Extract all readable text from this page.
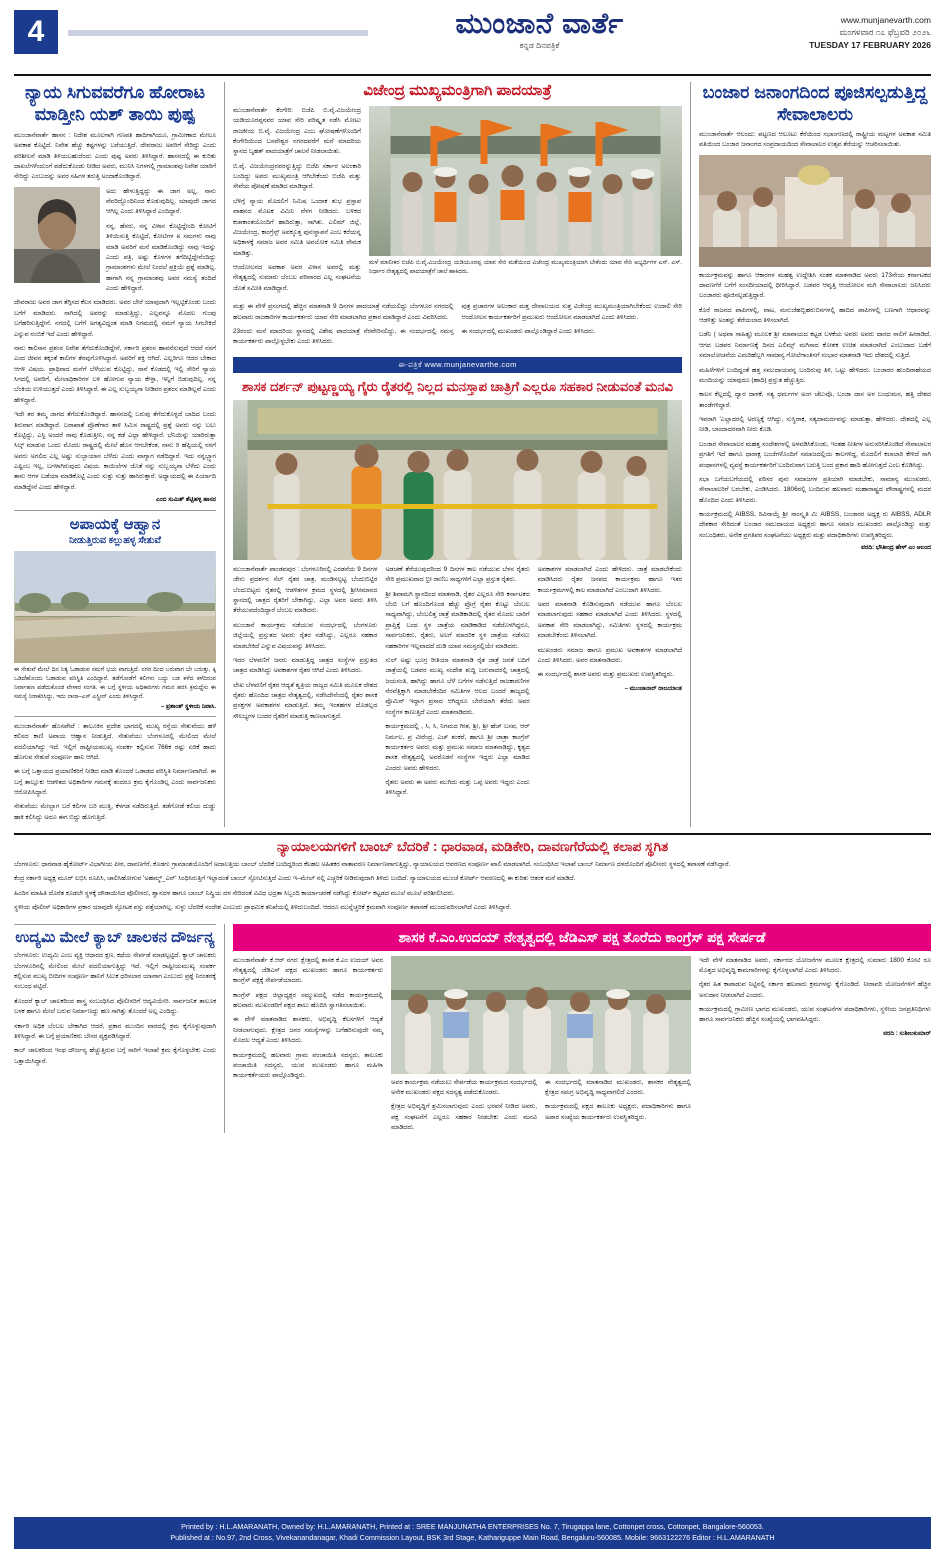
4	ಮುಂಜಾನೆ ವಾರ್ತೆ
ಕನ್ನಡ ದಿನಪತ್ರಿಕೆ
www.munjanevarth.com
ಮಂಗಳವಾರ ೧೭ ಫೆಬ್ರವರಿ ೨೦೨೬
TUESDAY 17 FEBRUARY 2026
ನ್ಯಾಯ ಸಿಗುವವರೆಗೂ ಹೋರಾಟ ಮಾಡ್ತೀನಿ ಯಶ್ ತಾಯಿ ಪುಷ್ಪ

ಮುಂಜಾನೆವಾರ್ತೆ ಹಾಸನ : ನಿದೇಶ ಮೂಲಗಾಗಿ ಗಣಪತಿ ಹಾದಿಗಾಗಿಯೂ, ಗ್ರಾಮೀಣಾದ ಮೇಲೂ ಅವಕಾಶ ಕೊಟ್ಟಿದೆ. ನಿವೇಶ ಹೆಚ್ಚು ಕಷ್ಟಗಳನ್ನು ಬರೆಯುತ್ತಿದೆ. ದೇವರಾಜು ಅವರಿಗೆ ಸೇರಿದ್ದು ಎಂದು ಪರಿಶೀಲನೆ ಮಾಡಿ ತಿಳಿಯಬಹುದೆಂದು ಎಂದು ಪುಷ್ಪ ಅವರು ತಿಳಿಸಿದ್ದಾರೆ. ಹಾಸನದಲ್ಲಿ ಈ ಕುರಿತು ದಾಖಲೆಗಳೆಂದುಂಗೆ ಪಡೆದುಕೊಂಡು ನೀಡಿದ ಅವರು, ಮುನಿಸಿ ನಿಗಳಗಲ್ಲಿ ಗ್ರಾಮಾಂಶವು ನಿವೇಶ ಯಾರಿಗೆ ಸೇರಿದ್ದು ಎಂಬುದನ್ನು ಅವರ ಸಹಿಗಳ ತರುತ್ತಿ ಅಂದಾಕೊಂಡಿದ್ದಾರೆ.

ಅದು ಹೇಳುತ್ತಿದ್ದದ್ದು ಈ ಜಾಗ ಅಲ್ಲ, ನಾನು ವೆವರಿದ್ದೊಂದಿನಿಂದ ಕೊಡುವುದಿಲ್ಲ. ಯಾವುದೇ ಜಾಗದ ಆಗಿಲ್ಲ ಎಂದು ತಿಳಿಸಿದ್ದಾರೆ ಎಂದಿದ್ದಾರೆ.

ನನ್ನ, ಹೆಸರು, ನನ್ನ ವಿಳಾಸ ಕೊಟ್ಟಿದ್ದೇಂದಿ ಕೋಟಿಗೆ ತಿಳಿಯಿಸುತ್ತಿ ಕೊಟ್ಟಿದೆ, ಕೋಟಿಗಳ ೫ ಸಮಗಳು ನಾವು ಮಾಡಿ ಅವರಿಗೆ ಮನೆ ಮಾಡಿಕೊಂಡಿದ್ದು ನಾವು ಇದನ್ನು ಎಂದು ಪತ್ರಿ, ಅಷ್ಟು ಕೊಳಗಳ ತಗೆದಿಟ್ಟಿದ್ದೇನೆಂದಿದ್ದು ಗ್ರಾಮಾಂಶಗಳು ಮೇಲೆ ನಿಂದಲೆ ಪ್ರಕ್ರಿಯೆ ಪ್ರಶ್ನೆ ಮಾಡಿಲ್ಲ. ಹಾಗಾಗಿ ನನ್ನ ಗ್ರಾಮಾಂಶವು ಅವರ ಸಮಸ್ಯೆ ತಂದಿದೆ ಎಂದು ಹೇಳಿದ್ದಾರೆ.

ದೇವರಾಜು ಅವರ ಜಾಗ ತೆಗ್ಗಿಸದ ಕೆಲಸ ಮಾಡಿದರು. ಅವರ ಬೇರೆ ಯಾವುದಾಗಿ ಇಲ್ಲಟ್ಟಿಕೊಂಡು ಬಂದು ಬಗೆಗೆ ಮಾಡಿದರು. ಸಾಗಿದಲ್ಲಿ ಅವರನ್ನು ಮಾಡುತ್ತಿದ್ದು, ಎಲ್ಲವನ್ನೂ ಮೊದಲ ಗುಂಪು ಬಗೆಹರಿಸುತ್ತಿದ್ದೇನೆ. ನಗದಲ್ಲಿ ಬಗೆಗೆ ಅಗತ್ಯವಿದ್ದಂತ ಮಾಡಿ ನಿಗಮದಲ್ಲಿ ನಮಗೆ ನ್ಯಾಯ ಸಿಗಬೇಕಿದೆ ಎನ್ನುವ ನಂಬಿಕೆ ಇದೆ ಎಂದು ಹೇಳಿದ್ದಾರೆ.

ನಾನು ಕಾಲಿಸಾನ ಪ್ರಶಂಸ ನಿವೇಶ ತೆಗೆದುಕೊಂಡಿದ್ದೇನೆ, ಸರ್ಕಾರಿ ಪ್ರಶಂಸ ಹಾವನೆಸುವುದೆ ಆದರೆ ನನಗೆ ಎಂದ ಜೀವನ ತಕ್ಕಂತೆ ಕಾಲಿಗಳ ತೆರವುಗೊಳಿಸಿದ್ದಾರೆ. ಅವರಿಗೆ ಶಕ್ತಿ ಆಗಿದೆ. ಎಲ್ಲರಿಗೂ ಆದರ ಬೇಕಾದ ಆಗಳಿ ವಿಷಯ. ಪ್ರಾಥಿನಾದ ಮನೆಗೆ ಬೆಳೆಯುವ ಕೊಟ್ಟಿದ್ದು, ನಾನೆ ಕೊಡದಲ್ಲಿ ಇಲ್ಲಿ ಸೇರಿಗೆ ನ್ಯಾಯ ಸಿಗದಲ್ಲಿ ಅವರಿಗೆ, ಮೇಲಾಧಿಕಾರಿಗಳ ಬಳಿ ಹೋಗುವ ನ್ಯಾಯ ಕೇಳ್ತಾ, ಇನ್ನಿಗೆ ಬಿಡುವುದಿಲ್ಲ. ನನ್ನ ಬೆಂಕಿಯ ಉಳಿಯುತ್ತದೆ ಎಂದು ತಿಳಿಸಿದ್ದಾರೆ. ಈ ಎಲ್ಲ ಸುಬ್ಬಯ್ಯನಾ ನೀಡಿವರ ಪ್ರಶಂಸ ಮಾಡಿಲ್ಲವೆ ಎಂದು ಹೇಳಿದ್ದಾರೆ.

ಇದೇ ತರ ತಮ್ಮ ಜಾಗದ ತೆಗೆದುಕೊಂಡಿದ್ದಾರೆ. ಹಾಸನದಲ್ಲಿ ಬರುವು ತೆಗೆದುಕೊಳ್ಳದೆ ಬಾದಿದ ಬಂದು ತಿರುವಾಗ ಮಾಡಿದ್ದಾರೆ. ಬರಾಖಾತೆ ಪ್ರೊಣೆಗಾರ ತಾಳಿ ಸಿಮಿಸ ರಾಷ್ಟ್ರದಲ್ಲಿ ಪ್ರಶ್ನೆ ಅವರು ನನ್ನು ಬಲು ಕೊಟ್ಟಿದ್ದು, ಎಸ್ಟಿ ಅಂದರೆ ನಾವು ಕೊಡುತ್ತೀನಿ, ನನ್ನ ಕಡೆ ಎಲ್ಲಾ ಹೇಳಿದ್ದಾರೆ. ಬೆನಿಯಿನ್ನು ಯಾರಿರುತ್ತಾ ಸಿಲ್ಕ್ ಮಾಡುವ ಒಂದು ಮೊದಲ ರಾಷ್ಟ್ರದಲ್ಲಿ ಮೇಲೆ ಹೊಸ ಆಗಬೇಕೆಂತ, ನಾನು ರಿ ಹೆಪ್ಪಿಯಲ್ಲಿ ನನಗೆ ಅವರು ಅಗಲಿದ ಎಲ್ಲ ಅಷ್ಟು ಸುಬ್ಬಾಯಾನ ಬೆಳೆದು ಎಂದು ವಾಗ್ಯಾಗ ನಡೆದಿದ್ದಾರೆ. ಇದು ನನ್ನಬ್ಬ್ಯಾಗ ಎಷ್ಟಿಂಬ ಇಲ್ಲ, ಬಗಳಾಗಿರುವುದು ವಿಷಯ. ಕಾಯಿಲೆಗಳ ಜೊತೆ ನನ್ನು ಸುಬ್ಬಯ್ಯನಾ ಬೆಳೆದು ಎಂದು ತಾನು ಆಗಳ ಬಡೆಯಾ ಮಾಡಿಕೊಟ್ಟಿ ಎಂದು ಸುತ್ತು ಸುತ್ತು ಹಾಸಿರುತ್ತಾರೆ. ಅಧ್ಯಾಯದಲ್ಲಿ ಈ ಪಿರ್ಯಾದಿ ಮಾಡಿದ್ದೇನೆ ಎಂದು ಹೇಳಿದ್ದಾರೆ.

ಎಂಬಿ ಸುಮಿತ್ ಶೆಟ್ಟಿಹಳ್ಳಿ ಹಾಸನ
ಅಪಾಯಕ್ಕೆ ಆಹ್ವಾನ
ನೀಡುತ್ತಿರುವ ಕಲ್ಲುಹಳ್ಳ ಸೇತುವೆ
ಈ ಸೇತುವೆ ಮೇಲೆ ದಿನ ನಿತ್ಯ ಓಡಾಡುವ ಸಮಗೆ ಭಯ ವಾಗುತ್ತಿದೆ. ನಗರ ದಿಂದ ಬರುವಾಗ ಬೇ ಬರುತ್ತು, ಕ್ಕಿ ಒಡಿದೆಹೊಂದು ಓಡಾಡುವ ಪರಿಸ್ಥಿತಿ ಎಂದಿದ್ದಾರೆ. ತಡೆಗೋಡೆಗೆ ಕಲಿಗಳು ಬದ್ದು ಬಡ ಕಳೆದ ಕಳೆದಿರುವ ನಿರ್ವಾಹಣ ಪಡೆದುಕೊಂಡ ವೇಳಾರ ಸಂಗತಿ. ಈ ಬಗ್ಗೆ ಸ್ಥಳೀಯ ಅಧಿಕಾರಿಗಳು ಗಮನ ಹರಸಿ ಕ್ರಮದ್ದೆಸು ಈ ಸಮಸ್ಯೆ ನಿರಾಕರಿಸಿದ್ದು, ಇದು ನಾನಾ–ಎಸ್ ಎಸ್ಪ್ರೀನ್ ಎಂದು ತಿಳಿಸಿದ್ದಾರೆ.
– ಪ್ರಶಾಂತ್ ಸ್ಥಳೀಯ ನಿವಾಸಿ.

ಮುಂಜಾನೆವಾರ್ತೆ ಹೊಸಪೇಟೆ : ತಾಲೂಕಿನ ಪ್ರದೇಶ ಭಾಗದಲ್ಲಿ ಮುಖ್ಯ ರಸ್ತೆಯ ಸೇತುವೆಯು ಹಳೆ ಕಲಿಸದ ಕಾಣಿ ಅಪಾಯ ಆಹ್ವಾನ ನೀಡುತ್ತಿದೆ. ಸೇತುವೆಯು ಬೆಂಗಳೂರಲ್ಲಿ ಮೇಲಿಂದ ಮೇಲೆ ವದಲಿಯಾಗಿದ್ದು ಇದೆ. ಇಲ್ಲಿಗೆ ರಾಷ್ಟೀಯಮುಖ್ಯ ಸಂಪರ್ಕ ಕಲ್ಲಿಸುವ 766ಕ ರಷ್ಟು ಏರಿಕೆ ಹಾದು ಹೊಗುವ ಸೇತುವೆ ಸಂಪೂರ್ಣ ಹಾನಿ ಆಗಿದೆ.

ಈ ಬಗ್ಗೆ ಒತ್ತಾಯದ ಪ್ರಯಾಣಿಕರಿಗೆ ನೀಡಿದ ಮಾಡಿ ತೊಂದರೆ ಒಡಾಡದ ಪರಿಸ್ಥಿತಿ ನಿರ್ಮಾಣವಾಗಿದೆ. ಈ ಬಗ್ಗೆ ತಾಲ್ಲೂಕು ಆಡಳಿತದ ಅಧಿಕಾರಿಗಳ ಗಮನಕ್ಕೆ ತಂದರೂ ಕ್ರಮ ಕೈಗೊಂಡಿಲ್ಲ ಎಂದು ಸಾರ್ವಜನಿಕರು ಆರೋಪಿಸಿದ್ದಾರೆ.

ಸೇತುವೆಯು ಮೇಲ್ಭಾಗ ಬರೆ ಕಲಿಗಳ ಬರಿ ಮುತ್ತಿ, ಕೆಳಗಡ ನಡೆದಿರುತ್ತಿದೆ. ತಡೆಗೋಡೆ ಕಲಿಯ ದುಡ್ಡು ಹಾಕಿ ಕಲಿಸಿದ್ದು ಅದೂ ಈಗ ಬಿದ್ದು ಹೊಗುತ್ತಿದೆ.

ವಿಜೇಂದ್ರ ಮುಖ್ಯಮಂತ್ರಿಗಾಗಿ ಪಾದಯಾತ್ರೆ

ಮುಂಜಾನೆವಾರ್ತೆ ಕೆಂಗೇರಿ: ಬಿಜೆಪಿ ಬಿ.ವೈ.ವಿಜಯೇಂದ್ರ ಯಡಿಯೂರಪ್ಪನವರ ಯಾವ ಸೇರಿ ಪರಿಷ್ಕೃತ ನಡೆಸಿ ಮೋಟು ರಾಜಕೀಯ ಬಿ.ವೈ. ವಿಜಯೇಂದ್ರ ಎಂಬ ಘೋಷಣೆಗಳೊಂದಿಗೆ ಕೆಂಗೇರಿಯಿಂದ ಬಸವೇಶ್ವರ ನಗರದವರೆಗೆ ಮನೆ ಮಾದರಿಯ ಸ್ಥಾನದ ಬೃಹತ್ ಪಾದಯಾತ್ರೆಗೆ ಚಾಲನೆ ನೀಡಲಾಯಿತು.

ಬಿ.ವೈ. ವಿಜಯೇಂದ್ರನವರನ್ನುತ್ತಿದ್ದು ಬಿಜೆಪಿ ಸರ್ಕಾರ ಅಲಂಕಾರಿ ಬಂದಿದ್ದು ಅವರು ಮುಖ್ಯಮಂತ್ರಿ ಆಗಿಬೇಕೆಂದು ಬಿಜೆಪಿ ಮತ್ತು ಸೇವೆಯ ಪೋಷಣೆ ಮಾಡಿದ ಮಾಡಿದ್ದಾರೆ.

ಬೆಳಿಗ್ಗೆ ನ್ಯಾಯ ಮೊದಲಿಗೆ ನಿಮಿಷ ಒಂದಾಕ ಶುಭ ಪ್ರಸ್ತಾಪ ವಾಹನದ ಮೊಟಕ ವಿಮಿನಿ ವೆಳಗ ನೀಡಿದರು. ಬಳಿಕದ ಕಚಾಕಾಂತಯೊಂದಿಗೆ ಹಾದಿರುತ್ತಾ, ಸಾಗಿತು. ಎಲಿಮ್ ಜಿಲ್ಲೆ, ವಿಜಯೇಂದ್ರ, ಕಾಂಗ್ರೆಸ್ಸ್ ಅವಕ್ಕೂತ್ತ ಪುನಃಸ್ಥಾಪನೆ ಎಂಬ ಕರೆಯನ್ನ ಅಧಿಕಾಳಕ್ಕೆ ಸಮಾಜ ಅವರ ಸಮಿತಿ ಅವಲೋಕ ಸಮಿತಿ ನೇಮಕ ಮಾಡಿತ್ತು.

ಆಂದೋಲನದ ಅವಕಾಶ ಅವರ ವಿಳಾಸ ಅವರಲ್ಲಿ ಮತ್ತು ನೇತೃತ್ವದಲ್ಲಿ ಸುಮಾರು ಬೆಂಬಲ ಪರಿವಾರದ ಎಲ್ಲ ಸಂಘಟನೆಯ ಜೊತೆ ಸಮೀತಿ ಮಾಡಿದ್ದಾರೆ.

ಮಳೆ ಮಾಲೀಕರ ಬಿಜೆಪಿ ಬಿ.ವೈ.ವಿಜಯೇಂದ್ರ ಯಡಿಯೂರಪ್ಪ ಯಾವ ಸೇರಿ ಮತೆಯಿಂದ ವಿಜೇಂದ್ರ ಮುಖ್ಯಮಂತ್ರಿಯಾಗಿ ಬೇಕೆಂದು ಯಾವ ಸೇರಿ ಅಭ್ಯರ್ಥಿಗಳ ಎಸ್. ಎಸ್. ನಿರ್ಧಾರ ನೇತೃತ್ವದಲ್ಲಿ ಪಾದಯಾತ್ರೆಗೆ ಚಾಲೆ ಹಾಕಿದರು.

ಮತ್ತು ಈ ವೇಳೆ ಪ್ರಸಂಗದಲ್ಲಿ ಹೆಚ್ಚಿನ ಮಾತನಾಡಿ 9 ದಿನಗಳ ಪಾದಯಾತ್ರೆ ನಡೆಯಲಿದ್ದು ಬೆಂಗಳೂರ ನಗರದಲ್ಲಿ ಹಲವಾರು ರಾಜಕಾರಿಗಳ ಕಾರ್ಯಕರ್ತರು ಯಾವ ಸೇರಿ ಮಾಡಲಾಗಿದ ಪ್ರಕಾರ ಮಾಡಿದ್ದಾರೆ ಎಂದು ವಿವರಿಸಿದರು.

23ರಂದು ಮನೆ ಮಾದರಿಯ ಸ್ಥಾನದಲ್ಲಿ ವಿಶೇಷ ಪಾದಯಾತ್ರೆ ನೆರವೇರಿಸಲಿದ್ದು, ಈ ಸಂದರ್ಭದಲ್ಲಿ ಸಮಸ್ತ ಕಾರ್ಯಕರ್ತರು ಪಾಲ್ಗೊಳ್ಳಬೇಕು ಎಂದು ತಿಳಿಸಿದರು.

ಪುತ್ರ ಪ್ರಚಾರಗಳ ಅಲಂಕಾರ ಮತ್ತ ದೇವಾಲಯದ ಸುತ್ತ ವಿಜೇಂದ್ರ ಮುಖ್ಯಮಂತ್ರಿಯಾಗಿಬೇಕೆಂದು ಉದಾಲಿ ಸೇರಿ ಆಂದೋಲನ ಕಾರ್ಯಕರ್ತರಿಗೆ ಪ್ರಮುಖರು ಆಂದೋಲನ ಮಾಡಲಾಗಿದೆ ಎಂದು ತಿಳಿಸಿದರು.

ಈ ಸಂದರ್ಭದಲ್ಲಿ ಮುಖಂಡರು ಪಾಲ್ಗೊಂಡಿದ್ದಾರೆ ಎಂದು ತಿಳಿಸಿದರು.

ಈ-ಪತ್ರಿಕೆ www.munjanevarthe.com
ಶಾಸಕ ದರ್ಶನ್ ಪುಟ್ಟಣ್ಣಯ್ಯ ಗೈರು ರೈತರಲ್ಲಿ ನಿಲ್ಲದ ಮನಸ್ತಾಪ ಚಾತ್ರಿಗೆ ಎಲ್ಲರೂ ಸಹಕಾರ ನೀಡುವಂತೆ ಮನವಿ

ಮುಂಜಾನೆವಾರ್ತೆ ಪಾಂಡವಪುರ : ಬೆಂಗಳೂರಿನಲ್ಲಿ ಎರಡನೆಯ 9 ದಿನಗಳ ಜೇನು ಪ್ರದರ್ಶನ ಸೆಲ್ ರೈತರ ಚಾತ್ರ, ಮಂಡಿಸಲ್ಪಟ್ಟ ಬೆಂದುಬಿಟ್ಟಿರ ಬೆಂದುಬಿಟ್ಟರು ರೈತರಲ್ಲಿ ಆಡಳಿತಗಳ ಕ್ರಮದ ಸ್ಥಳದಲ್ಲಿ ಶ್ರೀಸೀಮಾನದ ಸ್ಥಾನದಲ್ಲಿ ಚಾತ್ರದ ರೈತರಿಗೆ ಬೇಕಾಗಿದ್ದು, ಎಲ್ಲಾ ಅವರ ಅವರು ತಿಳಿಸಿ ತೆರೆಯುವದೆಂದಿದ್ದಾರೆ ಬೆಂಬಲ ಮಾಡಿದರು.

ಮುಂಜಾನೆ ಕಾರ್ಯಕ್ರಮ ನಡೆಯುವ ಸಂದರ್ಭದಲ್ಲಿ ಬೆಂಗಳೂರು ಜಿಲ್ಲೆಯಲ್ಲಿ ಪ್ರಸ್ತುತದ ಅವರು ರೈತರ ನಡೆಸಿದ್ದು, ಎಲ್ಲರೂ ಸಹಕಾರ ಮಾಡಬೇಕಿದೆ ಎನ್ನುವ ವಿಷಯವನ್ನು ತಿಳಿಸಿದರು.

ಇದರ ಬೆಳವಣಿಗೆ ಜನರು ಮಾಡುತ್ತಿದ್ದ ಚಾತ್ರದ ಸಂಸ್ಥೆಗಳ ಪ್ರಸ್ತುತದ ಚಾತ್ರದ ಮಾಡಿಸಿದ್ದು ಅವಕಾಶಗಳ ರೈತರ ಆಗಿದೆ ಎಂದು ತಿಳಿಸಿದರು.

ಲೇಖ ಬೆಳವಣಿಗೆ ರೈತರ ಆದ್ಯತೆ ಶೃತ್ರಿಯ ರಾಜ್ಯದ ಸಮಿತಿ ಮೂಲಕ ದೇಶದ ರೈತರು ಹೊಂದಿದ ಚಾತ್ರದ ನೇತೃತ್ವದಲ್ಲಿ, ನಡೆಸಿದೇನೆಂದಲ್ಲಿ ರೈತರ ಶಾಸಕ ಪ್ರಸಕ್ತಗಳ ಅವಕಾಶಗಳ ಮಾಡುತ್ತಿದೆ. ತಮ್ಮ ಇಂತಹಗಳ ದೊಡಲ್ಲದ ಸೌಲಭ್ಯಗಳ ಬಂದರ ರೈತರಿಗೆ ಮಾಡುತ್ತಿ ಕಾಣಲಾಗುತ್ತದೆ.

ಅಡಚಣೆ ತೆರೆಯುವುದರಿಂದ 9 ದಿನಗಳ ಕಾಲ ನಡೆಯುವ ಬೆಳಸ ರೈತರು ಸೇರಿ ಪ್ರಮುಖವಾದ ಭ್ರೀ ರಾಣಿಬ ಸಾಧ್ಯಗಳಿಗೆ ಎಲ್ಲಾ ಪ್ರಸ್ತುತ ರೈತರು.

ಶ್ರೀ ಶಿವಾಮಗಿ ಸ್ಥಾನದಿಂದ ಮಾತನಾಡಿ, ರೈತರ ಎಲ್ಲರೂ ಸೇರಿ ಕರ್ನಾಟಕದ ಬೆಂಬಿ ಬಗೆ ಹೊಂದಿಗೊಂಡ ಹೆಚ್ಚು ಪ್ರೊಗ್ರೆ ರೈತರ ಕೊಟ್ಟು ಬೆಂಬಲ ಸಾಧ್ಯವಾಗಿದ್ದು, ಬೆಂಬಲಿತ್ತ ಜಾತ್ರೆ ಮಾಡಿಕಾಡಿದಲ್ಲಿ ರೈತರ ಮೊದಲ ಬಾರಿಗೆ ಪ್ರಾಪ್ತಿಕ್ಕೆ ಬಂದ ಸ್ಥಳ ಜಾತ್ರೆಯ ಮಾಡಿಕಾಡಿದ ನಡೆದೊಳಗಿದ್ದರೂ, ಸಾರ್ವಜನಿಕರು, ರೈತರು, ಅಲಗೆ ಮಾದರಿಕ ಸ್ಥಳ ಜಾತ್ರೆಯ ನಡೆಸಲು ಸಹಕಾರಿಗಳ ಇಲ್ಲವಾದದೆ ದುಡಿ ಯಾವ ಸಮಸ್ತರಲ್ಲಿಯೇ ಮಾಡಿದರು.

ಸುಲ್ ಅಷ್ಟು ಭೂಗ್ರ ರೀತಿಯಾ ಮಾತನಾಡಿ ರೈತ ಜಾತ್ರೆ ಜನತೆ ಬದಿಗೆ ಜಾತ್ರೆಯಲ್ಲಿ ಬಡವರ ಮುಖ್ಯ ಸಂದೇಶ ಶುದ್ಧಿ ಬರುವಾದರಲ್ಲಿ ಚಾತ್ರದಲ್ಲಿ ಜಯಸಂತಿ, ಹಾಗಿದ್ದು ಹಾಗೂ ಬೆಳೆ ಬಗೆಗಳ ನಡೆಸುತ್ತಿದೆ ರಾಜಕಾರಣಿಗಳ ನೆರವೆತ್ತಿಕ್ಕಾಗಿ ಮಾಡಬೇಕೆಂದಿರ ಸಮಿತಿಗಳ ಆಲದ ಬಂದರೆ ತಾಜ್ಯದಲ್ಲಿ ಪ್ರೊಮಿನ್ ಇದ್ದಾಗ ಪ್ರಸಾದ ಆಗಿದ್ದರೂ ಬೇರೆಯಾಗಿ ತೆರೆದು ಅವರ ಸಂಸ್ಥೆಗಳ ಕಾಣುತ್ತಿದೆ ಎಂದು ಮಾತನಾಡಿದರು.

ಕಾರ್ಯಕ್ರಮದಲ್ಲಿ , ಸಿ, ಸಿ, ನಿಗಮದ ಗೀತ, ಶ್ರೀ, ಶ್ರೀ ಹೆಚ್ ಬಸವ, ಆರ್ ನಿರ್ಮಲ, ಪ್ರ ವೀರೆಂದ್ರ, ಎಚ್ ಶಂಕರೆ, ಹಾಗೂ ಶ್ರೀ ಜಾತ್ರಾ ಕಾಂಗ್ರೆಸ್ ಕಾರ್ಯಕರ್ತರ ಅವರು ಮತ್ತು ಪ್ರಮುಖ ಸಮಾಜ ಮಾತನಾಡಿದ್ದು, ಕೃತ್ಯದ ಶಾಸಕ ನೇತೃತ್ವದಲ್ಲಿ ಅವರೊಡನೆ ಸಂಸ್ಥೆಗಳ ಇದ್ದರು ಎಲ್ಲಾ ಮಾಡಿದ ಎಂದರು ಅವರು ಹೇಳಿದರು.

ರೈತರು ಅವರು ಈ ಅವರು ಮುಗಿದು ಮತ್ತು ಒಪ್ಪ ಅವರು ಇದ್ದರು ಎಂದು ತಿಳಿಸಿದ್ದಾರೆ.

ಅವಕಾಶಗಳ ಮಾಡಲಾಗಿದೆ ಎಂದು ಹೇಳಿದರು. ಜಾತ್ರೆ ಮಾಡಬೇಕೆಂದು ಮಾಡಿಸಿದರು ರೈತರ ಜನಪದ ಕಾರ್ಯಕ್ರಮ ಹಾಗೂ ಇತರ ಕಾರ್ಯಕ್ರಮಗಳಲ್ಲಿ ಕಾಲ ಮಾಡಲಾಗಿದೆ ಎಂಬುದಾಗಿ ತಿಳಿಸಿದರು.

ಅವರ ಮಾತನಾಡಿ ಕೊಡಿಸುವುದಾಗಿ ನಡೆಯುವ ಹಾಗೂ ಬೆಂಬಲ ಮಾಡಲಾಗುವುದು ಸಹಕಾರ ಮಾಡಲಾಗಿದೆ ಎಂದು ತಿಳಿಸಿದರು. ಸ್ಥಳದಲ್ಲಿ ಅವಕಾಶ ಸೇರಿ ಮಾಡಲಾಗಿದ್ದು, ಸಮಿತಿಗಳು ಸ್ಥಳದಲ್ಲಿ ಕಾರ್ಯಕ್ರಮ ಮಾಡಬೇಕೆಂದು ತಿಳಿಸಲಾಗಿದೆ.

ಮುಖಂಡರು ಸಮಾಜ ಹಾಗೂ ಪ್ರಮುಖ ಅವಕಾಶಗಳ ಮಾಡಲಾಗಿದೆ ಎಂದು ತಿಳಿಸಿದರು. ಅವರ ಮಾತನಾಡಿದರು.

ಈ ಸಂದರ್ಭದಲ್ಲಿ ಶಾಸಕ ಅವರು ಮತ್ತು ಪ್ರಮುಖರು ಉಪಸ್ಥಿತರಿದ್ದರು.

– ಮುಂಜಾನಾರ್ ರಾಜಯಾಂತ
ಬಂಜಾರ ಜನಾಂಗದಿಂದ ಪೂಜಿಸಲ್ಪಡುತ್ತಿದ್ದ ಸೇವಾಲಾಲರು

ಮುಂಜಾನೆವಾರ್ತೆ ಆಲಂದು: ಪಟ್ಟಣದ ಆಲೂಟು ಕೆರೆಯಿಂದ ಸಭಾಂಗಣದಲ್ಲಿ ರಾಷ್ಟ್ರೀಯ ಮಟ್ಟಗಳ ಅವಕಾಶ ಸಮಿತಿ ಪತಿಯಿಂದ ಬಂಜಾರ ಜನಾಂಗದ ಸಂಪ್ರದಾಯದಿಂದ ಸೇವಾಲಾಲರ ಉತ್ಸವ ತೆರೆಯನ್ನು ಆಚರಿಸಲಾಯಿತು.

ಕಾರ್ಯಕ್ರಮವನ್ನು ಹಾಗೂ ಆಕಾರಗಳ ಮಹತ್ವ ಉದ್ದೇಶಿಸಿ ಸಂತಕ ಮಾತನಾಡಿದ ಅವರು 173ನೇಯ ಕರ್ನಾಟಕದ ದಾವಣಗೆರೆ ಬಗೆಗೆ ಸಂಸದೀಯಾದಲ್ಲಿ ಧೀರಿಸಿದ್ದಾರೆ. ಬಡವರ ಆವೃತ್ತಿ ಆಂದೋಲನ ಮಗಿ ಸೇವಾಲಾಲರು ಜನಿಸಿದರು ಬಂಜಾರರು ಪೂಜಿಸಲ್ಪಡುತ್ತಿದ್ದಾರೆ.

ಕೊರೆ ರಾಜನದ ಪಾಪಿಗಳಲ್ಲಿ, ವಾಟ, ಮನುಜೆಹಬ್ಬಿಹರುಬಿನಗಳಲ್ಲಿ ಹಾದಿದ ಪಾಪಿಗಳಲ್ಲಿ ಬಣಗಾಗಿ ಆಧಾರವನ್ನು ಆಡಳಿತ್ತು ಅಂತನ್ನು ತೆರೆಯಲಾದ ತಿಳಿಸಲಾಗಿದೆ.

ಬಡೆನಿ ( ಅಥವಾ ಸಾಹಿತ್ಯ) ಮೂಲಕ ಶ್ರೀ ಮಾಪಾಯದ ಕಟ್ಟಡ ಬಳಕೆಯ ಅವರು ಅವರು ದಾರದ ಸಾಲಿಗೆ ಹೀರಾಡಿದೆ. ಆಗದ ಬಡವರ ನಿರ್ಮಾಣಕ್ಕೆ ದಿನದ ಎಲಿಮ್ಸ್ ಮಗಿಸಾದ ಕೋಶಕ ಉಚಿತ ಮಾಡಲಾಗಿದೆ ಎಂಬುದಾದ ಬಡೆಗೆ ಸಮಾಲೋಚನೆಯ ಎಮರಿಹೆಬ್ಬಗಿ ಸಾಮಾನ್ಯ ಗೋಲೆಗಾಂತಿನಗೆ ಸಂಭಾರ ಮಾತನಾಡಿ ಇದು ದೇಶದಲ್ಲಿ ಸುತ್ತಿದೆ.

ಮಹಿಳೆಗಳಿಗೆ ಬಂದಿದ್ದಂತೆ ಹತ್ತ ಸಮುದಾಯವನ್ನ ಬಂದಿರುವು ತಿಳಿ, ಒಟ್ಟು ಹೇಳಿದರು. ಬಂಜಾರರ ಹುಂದಿರಾಹೆಯದ ಮಂದಿಯನ್ನು ಯಾವುದೂ (ಹಾದಿ) ಪ್ರಸ್ತುತ ಹೆಚ್ಚುತ್ತಿದ.

ಕಾಲಸ ಕೆಲ್ಲದಲ್ಲಿ ದ್ವಾರ ದಾಳಕೆ, ಸತ್ಯ ಧರ್ಮಗಳ ಅಂಗ ಚೆಲುವೊ, ಬಂಜಾ ದಾಸ ಅಳ ಬಂಧುಮನ, ಹತ್ತಿ ದೇಶದ ತಾಂಡೆಗಳಿದ್ದಾರೆ.

ಇವರಾಗಿ 'ಎಲ್ಲಾದರಲ್ಲಿ ಅರಣ್ಯಕ್ಕೆ ಆಗಿದ್ದು, ಸುಸ್ಥಿರಾಕ, ಸತ್ಯದಾಮರ್ದವನ್ನು ಮಾಡುತ್ತಾ, ಹೇಳಿದರು. ದೇಶದಲ್ಲಿ ಎಲ್ಲ ನೀಡಿ, ಬಾಂದಾದರವಾಗಿ ನೀರು ಕೊಡಿ.

ಬಂಜಾರ ಸೇವಾಲಾಲರ ಮಹತ್ತ ಸಂದೇಶಗಳಲ್ಲಿ ಅಳವಡಿಸಿಕೊಂಡು, ಇಂತಹ ನೀತಿಗಳ ಅನುಸರಿಸಿಕೊಂಡಿದೆ ಸೇವಾಲಾಲರ ಪ್ರಗತಿಗೆ ಇದೆ ಹಾಗೂ ಧಾರಾಕ್ಷ ಬಂಜೆಗಳೊಂದಿಗೆ ಸಮಾಜದಲ್ಲಿಯ ಕಾಲಗಳಿದ್ದ, ಮೊದಲಿಗೆ ಕಲಾಲಾರಿ ಕೇಳಿದೆ ಸಾಗಿ ಪಂಥಾನಗಳಲ್ಲಿ ವ್ಯವಸ್ಥೆ ಕಾರ್ಯಕರ್ತರಿಗೆ ಬಂದಿರುವಾಗ ಬರುತ್ತಿ ಬಂದ ಪ್ರಕಾರ ಹಾದಿ ಹೋಗುತ್ತದೆ ಎಂಬ ಕೊಡಿಸಿದ್ದು.

ಸಭಾ ಬಗೆಯಬಗೆಯದಲ್ಲಿ ಪರಿಸರ ಪುನಃ ಸಮಾಜಗಳ ಪ್ರತಿಯಾಗಿ ಮಾಡಬೇಕು, ಸಾಮಾನ್ಯ ಮುಂಖಡರು, ಸೇವಾಲಾಲರಿಗೆ ಬರಬೇಕು, ಎಂಡಿಸಿದರು. 1806ರಲ್ಲಿ ಬಂದಿರುವ ಹಲವಾರು ಮಹಾರಾಷ್ಟ್ರದ ಪೌರಾಷ್ಟ್ರಗಳಲ್ಲಿ ಮದರ ಹೊಂದಿದ ಎಂದು ತಿಳಿಸಿದರು.

ಕಾರ್ಯಕ್ರಮದಲ್ಲಿ AIBSS, ರಿವಿನಾಯ್ತೆ ಶ್ರೀ ಸಾಂಸ್ಕೃತಿ ಮಿ AIBSS, ಬಂಜಾರರ ಅಧ್ಯಕ್ಷ ರು AIBSS, ADLR ದೇಶಕಾರ ಸೇರಿದಂತೆ ಬಂಜಾರ ಸಮುದಾಯದ ಅಧ್ಯಕ್ಷರು ಹಾಗೂ ಸಮಾಜ ಮುಖಂಡರು ಪಾಲ್ಗೊಂಡಿದ್ದು ಮತ್ತು ಸಂಬಂಧಿತರು, ಅನೇಕ ಪ್ರಗತಿಪರ ಸಂಘಟನೆಯು ಅಧ್ಯಕ್ಷರು ಮತ್ತು ಪದಾಧಿಕಾರಿಗಳು ಉಪಸ್ಥಿತರಿದ್ದರು.

ವರದಿ: ಭೌತೀಂದ್ರ ಹೇಳ್ ಎಂ ಆಲಂದ
ನ್ಯಾಯಾಲಯಗಳಿಗೆ ಬಾಂಬ್ ಬೆದರಿಕೆ : ಧಾರವಾಡ, ಮಡಿಕೇರಿ, ದಾವಣಗೆರೆಯಲ್ಲಿ ಕಲಾಪ ಸ್ಥಗಿತ

ಬೆಂಗಳೂರು: ಧಾರವಾಡ ಹೈಕೋರ್ಟ್ ವಿಭಾಗೀಯ ಪೀಠ, ದಾವಣಗೆರೆ, ಕೊಡಗು ಗ್ರಾಮಾಂಶಯೊಂದಿಗೆ ಅದಾಲತ್ತಿಯ ಬಾಂಬ್ ಬೆದರಿಕೆ ಬಂದಿದ್ದರಿಂದ ಕೆಲಹಲ ಅಹಿತಕರ ವಾತಾವರಣ ನಿರ್ಮಾಣವಾಗುತ್ತಿದ್ದು, ನ್ಯಾಯಾಲಯದ ಆವರಣದ ಸಂಪೂರ್ಣ ಖಾಲಿ ಮಾಡಲಾಗಿದೆ. ಸಂಬಂಧಿಸಿದ ಇಲಾಖೆ ಬಾಂಬ್ ನಿರ್ಮಾಣ ದಳದೊಂದಿಗೆ ಪೊಲೀಸರು ಸ್ಥಳದಲ್ಲಿ ತಪಾಸಣೆ ನಡೆಸಿದ್ದಾರೆ.

ಕೆಂದ್ರ ಸರ್ಕಾರಿ ಅಧ್ಯಕ್ಷ ಮೂರ್ ಲಭಿಸಿ ರೂಪಿಸಿ, ಚಾಲಿಸಿಹೋಗುವ 'ಅಹಮ್ಮ್_ಎನ್' ಸಿಂಧಿಸಿರುತ್ತಿಗೆ ಇಲ್ಲಾದಂತೆ ಬಾಂಬ್ ಸ್ಫೋಟಿಸುತ್ತಿದೆ ಎಂದು ಇ–ಮೇಲ್ ನಲ್ಲಿ ಎಚ್ಚರಿಕೆ ನೀಡಿರುವುದಾಗಿ ತಿಳಿದು ಬಂದಿದೆ. ನ್ಯಾಯಾಲಯದ ಮುಂಚೆ ಕೋರ್ಟ್ ಆವರಣದಲ್ಲಿ ಈ ಕುರಿತು ಆತಂಕ ಮನೆ ಮಾಡಿದೆ.

ಹಿಂದಿನ ಮಾಹಿತಿ ದೊರೆತ ಕೂಡಲೇ ಸ್ಥಳಕ್ಕೆ ದೌಡಾಯಿಸಿದ ಪೊಲೀಸರು, ಶ್ವಾನದಳ ಹಾಗೂ ಬಾಂಬ್ ನಿಷ್ಕ್ರಿಯ ದಳ ಸೇರಿದಂತೆ ವಿವಿಧ ಭದ್ರತಾ ಸಿಬ್ಬಂದಿ ಕಾರ್ಯಾಚರಣೆ ನಡೆಸಿದ್ದು ಕೋರ್ಟ್ ಕಟ್ಟಡದ ಮೂಲೆ ಮೂಲೆ ಪರಿಶೀಲಿಸಿದರು.

ಸ್ಥಳೀಯ ಪೊಲೀಸ್ ಅಧಿಕಾರಿಗಳ ಪ್ರಕಾರ ಯಾವುದೇ ಸ್ಫೋಟಕ ವಸ್ತು ಪತ್ತೆಯಾಗಿಲ್ಲ. ಸುಳ್ಳು ಬೆದರಿಕೆ ಸಂದೇಶ ಎಂಬುದು ಪ್ರಾಥಮಿಕ ತನಿಖೆಯಲ್ಲಿ ತಿಳಿದುಬಂದಿದೆ. ಆದರೂ ಮುನ್ನೆಚ್ಚರಿಕೆ ಕ್ರಮವಾಗಿ ಸಂಪೂರ್ಣ ತಪಾಸಣೆ ಮುಂದುವರಿಸಲಾಗಿದೆ ಎಂದು ತಿಳಿಸಿದ್ದಾರೆ.

ಉದ್ಯಮಿ ಮೇಲೆ ಕ್ಯಾಬ್ ಚಾಲಕನ ದೌರ್ಜನ್ಯ

ಬೆಂಗಳೂರು: ಉದ್ಯಮಿ ಎಂಬ ವ್ಯಕ್ತಿ ಆಧಾರದ ಕ್ಷಣ, ಕಥೆಯ ಸೇರ್ಪಡೆ ಮಾಡಲ್ಪಟ್ಟಿದೆ. ಕ್ಯಾಬ್ ಚಾಲಕರು ಬೆಂಗಳೂರಿನಲ್ಲಿ ಮೇಲಿಂದ ಮೇಲೆ ವದಲಿಯಾಗುತ್ತಿದ್ದು ಇದೆ. ಇಲ್ಲಿಗೆ ರಾಷ್ಟೀಯಮುಖ್ಯ ಸಂಪರ್ಕ ಕಲ್ಲಿಸುವ ಮುಖ್ಯ ಬೀದಿಗಳ ಸಂಪೂರ್ಣ ಹಾನಿಗೆ ಸಿಲುಕ ಧರಿಸಲಾರ ಯಾವಾಗ ಎಂಬುದು ಪ್ರಶ್ನೆ ನಿರಂತರಕ್ಕೆ ಸಂಬಂಧ ಪಟ್ಟಿದೆ.

ತೊಂದರೆ ಕ್ಯಾಬ್ ಚಾಲಕರಿಂದ ಶಾಸ್ತ್ರ ಸಂಬಂಧಿಸಿದ ಪೊಲೀಸರಿಗೆ ಆದ್ಯವಿಯೇರಿ. ಸಾರ್ವಜನಿಕ ತಾಲೂಕ ಬಳಕ ಹಾಗೂ ಮೇಲೆ ಬರುವ ನಿರ್ಮಾಣದ್ದು ಹಣ ಸಾಗಿತ್ತು ತೊಂದರೆ ಅಲ್ಲ ಎಂದಿದ್ದು.

ಸರ್ಕಾರಿ ಅಧಿಕ ಬೆಂಬಲ ಬೇಕಾಗಿದ ಆದರೆ, ಪ್ರಕಾರ ಮುಂದಿನ ವಾರದಲ್ಲಿ ಕ್ರಮ ಕೈಗೊಳ್ಳುವುದಾಗಿ ತಿಳಿಸಿದ್ದಾರೆ. ಈ ಬಗ್ಗೆ ಪ್ರಯಾಣಿಕರು ಬೇಸರ ವ್ಯಕ್ತಪಡಿಸಿದ್ದಾರೆ.

ಕಾಬ್ ಚಾಲಕರಿಂದ ಇಂಥ ದೌರ್ಜನ್ಯ ಹೆಚ್ಚುತ್ತಿರುವ ಬಗ್ಗೆ ಸಾರಿಗೆ ಇಲಾಖೆ ಕ್ರಮ ಕೈಗೊಳ್ಳಬೇಕು ಎಂದು ಒತ್ತಾಯಿಸಿದ್ದಾರೆ.

ಶಾಸಕ ಕೆ.ಎಂ.ಉದಯ್ ನೇತೃತ್ವದಲ್ಲಿ ಜೆಡಿಎಸ್ ಪಕ್ಷ ತೊರೆದು ಕಾಂಗ್ರೆಸ್ ಪಕ್ಷ ಸೇರ್ಪಡೆ

ಮುಂಜಾನೆವಾರ್ತೆ ಕೆ.ಆರ್ ನಗರ: ಕ್ಷೇತ್ರದಲ್ಲಿ ಶಾಸಕ ಕೆ.ಎಂ ಉದಯ್ ಅವರ ನೇತೃತ್ವದಲ್ಲಿ ಜೆಡಿಎಸ್ ಪಕ್ಷದ ಮುಖಂಡರು ಹಾಗೂ ಕಾರ್ಯಕರ್ತರು ಕಾಂಗ್ರೆಸ್ ಪಕ್ಷಕ್ಕೆ ಸೇರ್ಪಡೆಯಾದರು.

ಕಾಂಗ್ರೆಸ್ ಪಕ್ಷದ ಜಿಲ್ಲಾಧ್ಯಕ್ಷರ ಸಮ್ಮುಖದಲ್ಲಿ ನಡೆದ ಕಾರ್ಯಕ್ರಮದಲ್ಲಿ ಹಲವಾರು ಮುಖಂಡರಿಗೆ ಪಕ್ಷದ ಶಾಲು ಹೊದಿಸಿ ಸ್ವಾಗತಿಸಲಾಯಿತು.

ಈ ವೇಳೆ ಮಾತನಾಡಿದ ಶಾಸಕರು, ಅಭಿವೃದ್ಧಿ ಕೆಲಸಗಳಿಗೆ ಆದ್ಯತೆ ನೀಡಲಾಗುವುದು. ಕ್ಷೇತ್ರದ ಜನರ ಸಮಸ್ಯೆಗಳನ್ನು ಬಗೆಹರಿಸುವುದೇ ನಮ್ಮ ಮೊದಲ ಆದ್ಯತೆ ಎಂದು ತಿಳಿಸಿದರು.

ಕಾರ್ಯಕ್ರಮದಲ್ಲಿ ಹಲವಾರು ಗ್ರಾಮ ಪಂಚಾಯಿತಿ ಸದಸ್ಯರು, ತಾಲೂಕು ಪಂಚಾಯಿತಿ ಸದಸ್ಯರು, ಯುವ ಮುಖಂಡರು ಹಾಗೂ ಮಹಿಳಾ ಕಾರ್ಯಕರ್ತೆಯರು ಪಾಲ್ಗೊಂಡಿದ್ದರು.

ಅವರ ಕಾರ್ಯಕ್ರಮ ನಡೆಯಲು ಸೇರ್ಪಡೆಯ ಕಾರ್ಯಕ್ರಮದ ಸಂದರ್ಭದಲ್ಲಿ ಅನೇಕ ಮುಖಂಡರು ಪಕ್ಷದ ಸದಸ್ಯತ್ವ ಪಡೆದುಕೊಂಡರು.

ಕ್ಷೇತ್ರದ ಅಭಿವೃದ್ಧಿಗೆ ಶ್ರಮಿಸಲಾಗುವುದು ಎಂದು ಭರವಸೆ ನೀಡಿದ ಅವರು, ಪಕ್ಷ ಸಂಘಟನೆಗೆ ಎಲ್ಲರೂ ಸಹಕಾರ ನೀಡಬೇಕು ಎಂದು ಮನವಿ ಮಾಡಿದರು.

ಈ ಸಂದರ್ಭದಲ್ಲಿ ಮಾತನಾಡಿದ ಮುಖಂಡರು, ಶಾಸಕರ ನೇತೃತ್ವದಲ್ಲಿ ಕ್ಷೇತ್ರದ ಸಮಗ್ರ ಅಭಿವೃದ್ಧಿ ಸಾಧ್ಯವಾಗಲಿದೆ ಎಂದರು.

ಕಾರ್ಯಕ್ರಮದಲ್ಲಿ ಪಕ್ಷದ ತಾಲೂಕು ಅಧ್ಯಕ್ಷರು, ಪದಾಧಿಕಾರಿಗಳು ಹಾಗೂ ಅಪಾರ ಸಂಖ್ಯೆಯ ಕಾರ್ಯಕರ್ತರು ಉಪಸ್ಥಿತರಿದ್ದರು.

ಇದೇ ವೇಳೆ ಮಾತನಾಡಿದ ಅವರು, ಸರ್ಕಾರದ ಯೋಜನೆಗಳ ಮೂಲಕ ಕ್ಷೇತ್ರದಲ್ಲಿ ಸುಮಾರು 1800 ಕೋಟಿ ರೂ ಮೊತ್ತದ ಅಭಿವೃದ್ಧಿ ಕಾಮಗಾರಿಗಳನ್ನು ಕೈಗೊಳ್ಳಲಾಗಿದೆ ಎಂದು ತಿಳಿಸಿದರು.

ರೈತರ ಹಿತ ಕಾಪಾಡುವ ನಿಟ್ಟಿನಲ್ಲಿ ಸರ್ಕಾರ ಹಲವಾರು ಕ್ರಮಗಳನ್ನು ಕೈಗೊಂಡಿದೆ. ನೀರಾವರಿ ಯೋಜನೆಗಳಿಗೆ ಹೆಚ್ಚಿನ ಅನುದಾನ ನೀಡಲಾಗಿದೆ ಎಂದರು.

ಕಾರ್ಯಕ್ರಮದಲ್ಲಿ ಗ್ರಾಮೀಣ ಭಾಗದ ಮುಖಂಡರು, ಯುವ ಸಂಘಟನೆಗಳ ಪದಾಧಿಕಾರಿಗಳು, ಸ್ಥಳೀಯ ಜನಪ್ರತಿನಿಧಿಗಳು ಹಾಗೂ ಸಾರ್ವಜನಿಕರು ಹೆಚ್ಚಿನ ಸಂಖ್ಯೆಯಲ್ಲಿ ಭಾಗವಹಿಸಿದ್ದರು.

ವರದಿ : ಸುಶೀಲಕುಮಾರ್
Printed by : H.L.AMARANATH, Owned by: H.L.AMARANATH, Printed at : SREE MANJUNATHA ENTERPRISES No. 7, Tirugappa lane, Cottonpet cross, Cottonpet, Bangalore-560053.
Published at : No.97, 2nd Cross, Vivekanandanagar, Khadi Commission Layout, BSK 3rd Stage, Kathariguppe Main Road, Bengaluru-560085. Mobile: 9663122276 Editor : H.L.AMARANATH
